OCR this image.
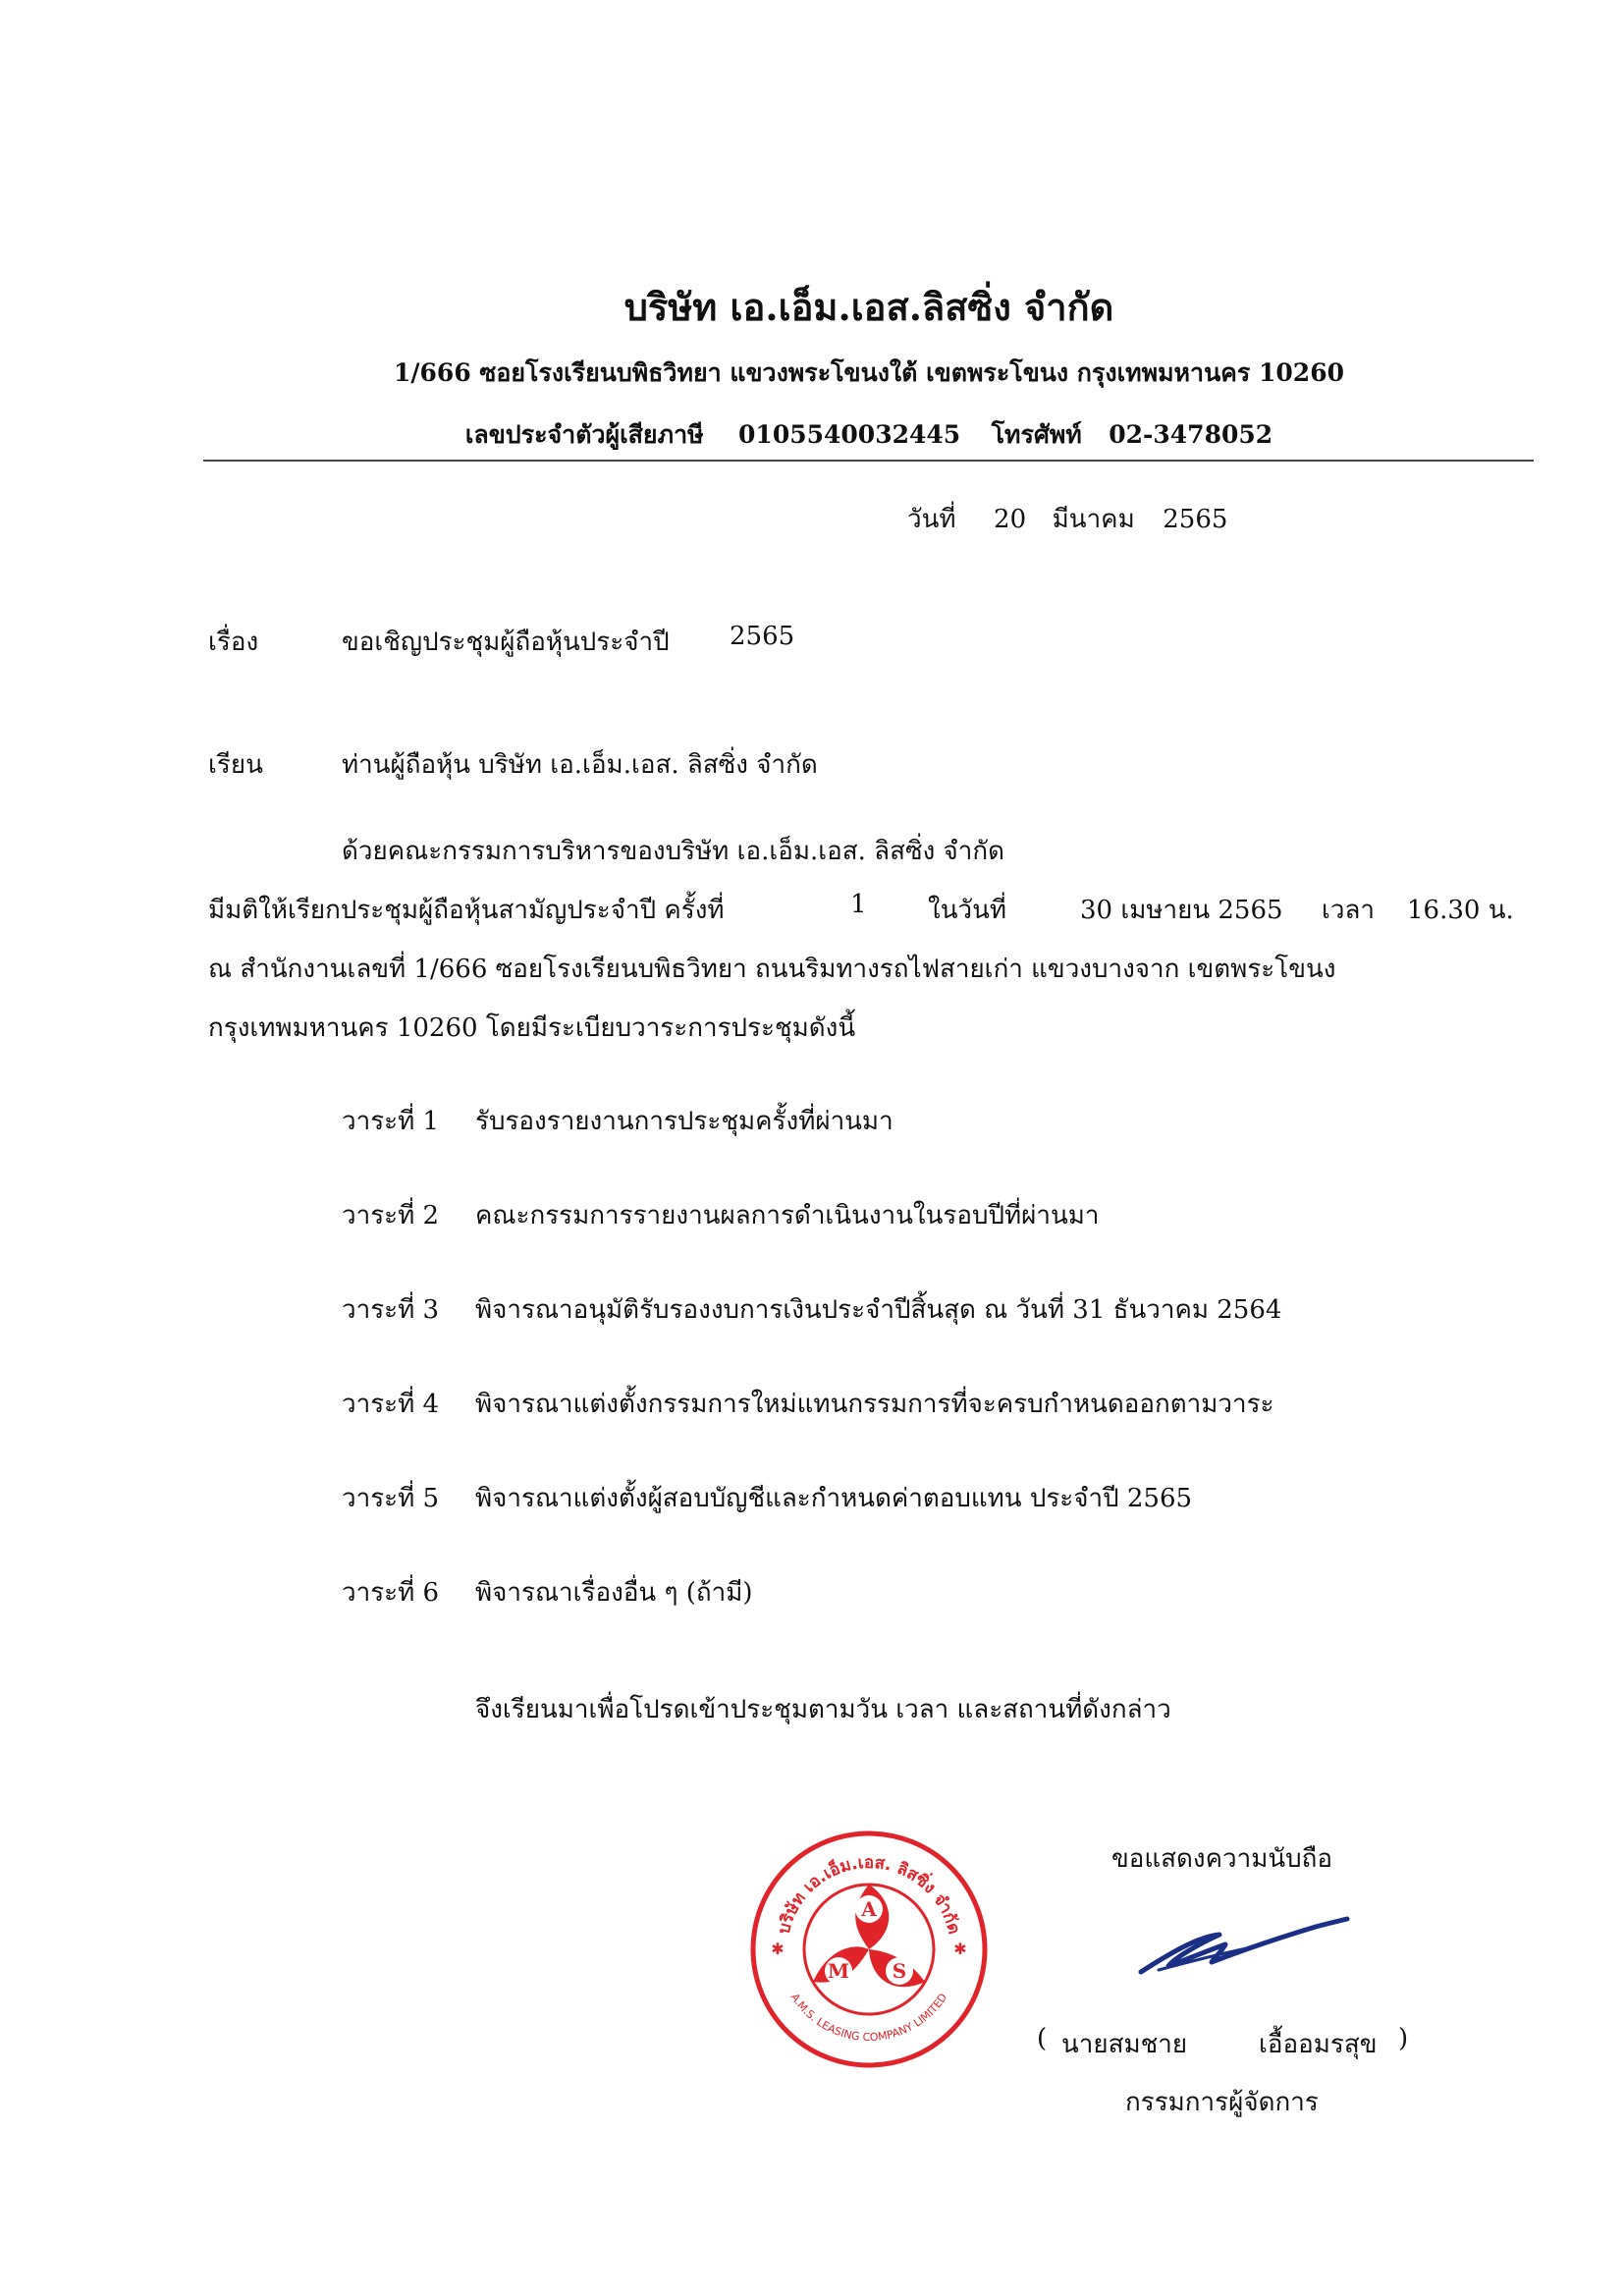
บริษัท เอ.เอ็ม.เอส.ลิสซิ่ง จำกัด
1/666 ซอยโรงเรียนบพิธวิทยา แขวงพระโขนงใต้ เขตพระโขนง กรุงเทพมหานคร 10260
เลขประจำตัวผู้เสียภาษี 0105540032445 โทรศัพท์ 02-3478052
วันที่ 20 มีนาคม 2565
เรื่อง	ขอเชิญประชุมผู้ถือหุ้นประจำปี 2565
เรียน	ท่านผู้ถือหุ้น บริษัท เอ.เอ็ม.เอส. ลิสซิ่ง จำกัด
ด้วยคณะกรรมการบริหารของบริษัท เอ.เอ็ม.เอส. ลิสซิ่ง จำกัด
มีมติให้เรียกประชุมผู้ถือหุ้นสามัญประจำปี ครั้งที่	1 ในวันที่	30 เมษายน 2565 เวลา 16.30 น.
ณ สำนักงานเลขที่ 1/666 ซอยโรงเรียนบพิธวิทยา ถนนริมทางรถไฟสายเก่า แขวงบางจาก เขตพระโขนง
กรุงเทพมหานคร 10260 โดยมีระเบียบวาระการประชุมดังนี้
วาระที่ 1 รับรองรายงานการประชุมครั้งที่ผ่านมา
วาระที่ 2 คณะกรรมการรายงานผลการดำเนินงานในรอบปีที่ผ่านมา
วาระที่ 3 พิจารณาอนุมัติรับรองงบการเงินประจำปีสิ้นสุด ณ วันที่ 31 ธันวาคม 2564
วาระที่ 4 พิจารณาแต่งตั้งกรรมการใหม่แทนกรรมการที่จะครบกำหนดออกตามวาระ
วาระที่ 5 พิจารณาแต่งตั้งผู้สอบบัญชีและกำหนดค่าตอบแทน ประจำปี 2565
วาระที่ 6 พิจารณาเรื่องอื่น ๆ (ถ้ามี)
จึงเรียนมาเพื่อโปรดเข้าประชุมตามวัน เวลา และสถานที่ดังกล่าว
ขอแสดงความนับถือ
( นายสมชาย	เอื้ออมรสุข )
กรรมการผู้จัดการ
A
M S
บริษัท เอ.เอ็ม.เอส. ลิสซิ่ง จำกัด
A.M.S. LEASING COMPANY LIMITED
✱	✱
